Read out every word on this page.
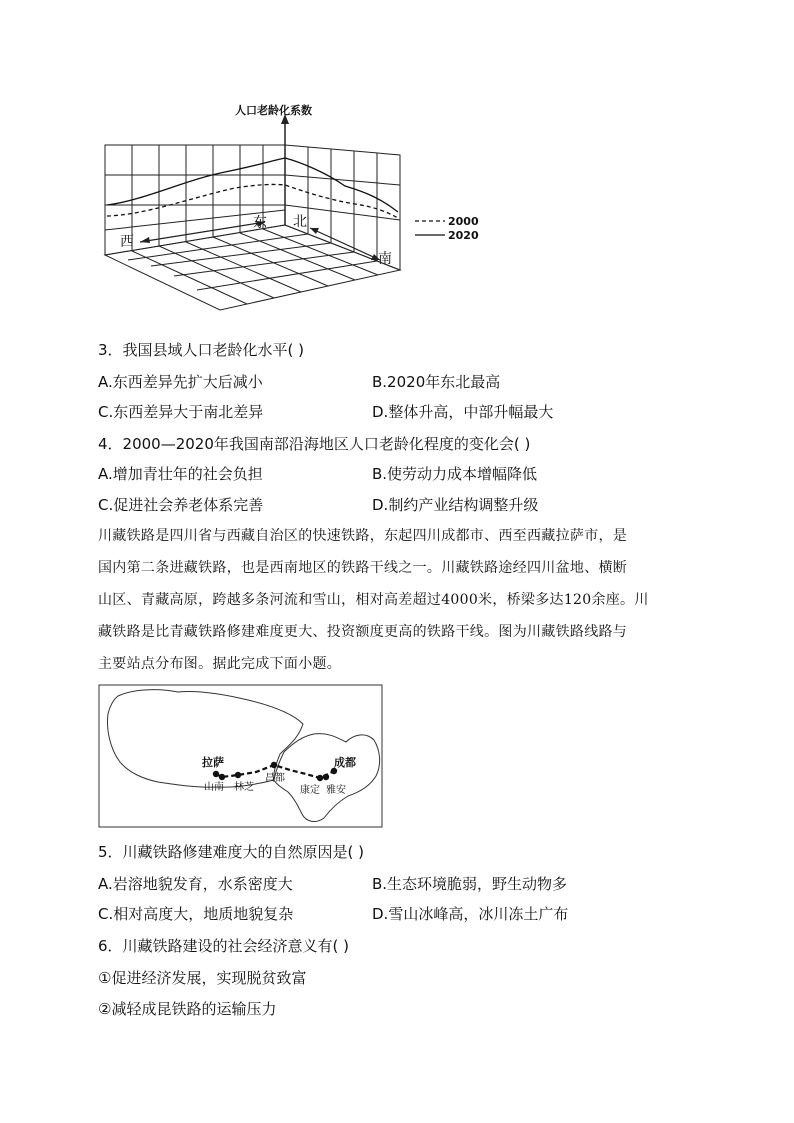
人口老龄化系数
西
东 北
南
2000
2020
3．我国县域人口老龄化水平( )
A.东西差异先扩大后减小	B.2020年东北最高
C.东西差异大于南北差异	D.整体升高，中部升幅最大
4．2000—2020年我国南部沿海地区人口老龄化程度的变化会( )
A.增加青壮年的社会负担	B.使劳动力成本增幅降低
C.促进社会养老体系完善	D.制约产业结构调整升级
川藏铁路是四川省与西藏自治区的快速铁路，东起四川成都市、西至西藏拉萨市，是
国内第二条进藏铁路，也是西南地区的铁路干线之一。川藏铁路途经四川盆地、横断
山区、青藏高原，跨越多条河流和雪山，相对高差超过4000米，桥梁多达120余座。川
藏铁路是比青藏铁路修建难度更大、投资额度更高的铁路干线。图为川藏铁路线路与
主要站点分布图。据此完成下面小题。
拉萨	成都
山南 林芝
昌都
康定 雅安
5．川藏铁路修建难度大的自然原因是( )
A.岩溶地貌发育，水系密度大	B.生态环境脆弱，野生动物多
C.相对高度大，地质地貌复杂	D.雪山冰峰高，冰川冻土广布
6．川藏铁路建设的社会经济意义有( )
①促进经济发展，实现脱贫致富
②减轻成昆铁路的运输压力
